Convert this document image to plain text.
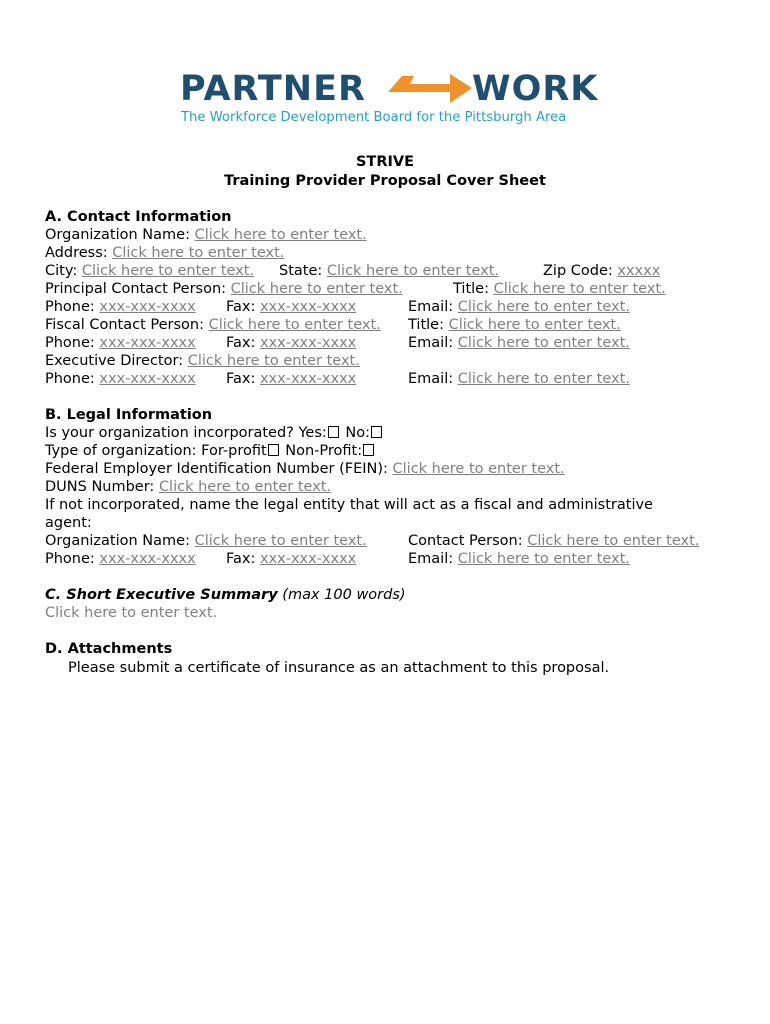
PARTNER	WORK
The Workforce Development Board for the Pittsburgh Area
STRIVE
Training Provider Proposal Cover Sheet
A. Contact Information
Organization Name: Click here to enter text.
Address: Click here to enter text.
City: Click here to enter text. State: Click here to enter text.	Zip Code: xxxxx
Principal Contact Person: Click here to enter text.	Title: Click here to enter text.
Phone: xxx-xxx-xxxx Fax: xxx-xxx-xxxx	Email: Click here to enter text.
Fiscal Contact Person: Click here to enter text. Title: Click here to enter text.
Phone: xxx-xxx-xxxx Fax: xxx-xxx-xxxx	Email: Click here to enter text.
Executive Director: Click here to enter text.
Phone: xxx-xxx-xxxx Fax: xxx-xxx-xxxx	Email: Click here to enter text.
B. Legal Information
Is your organization incorporated? Yes: No:
Type of organization: For-profit Non-Profit:
Federal Employer Identification Number (FEIN): Click here to enter text.
DUNS Number: Click here to enter text.
If not incorporated, name the legal entity that will act as a fiscal and administrative
agent:
Organization Name: Click here to enter text.	Contact Person: Click here to enter text.
Phone: xxx-xxx-xxxx Fax: xxx-xxx-xxxx	Email: Click here to enter text.
C. Short Executive Summary (max 100 words)
Click here to enter text.
D. Attachments
Please submit a certificate of insurance as an attachment to this proposal.
